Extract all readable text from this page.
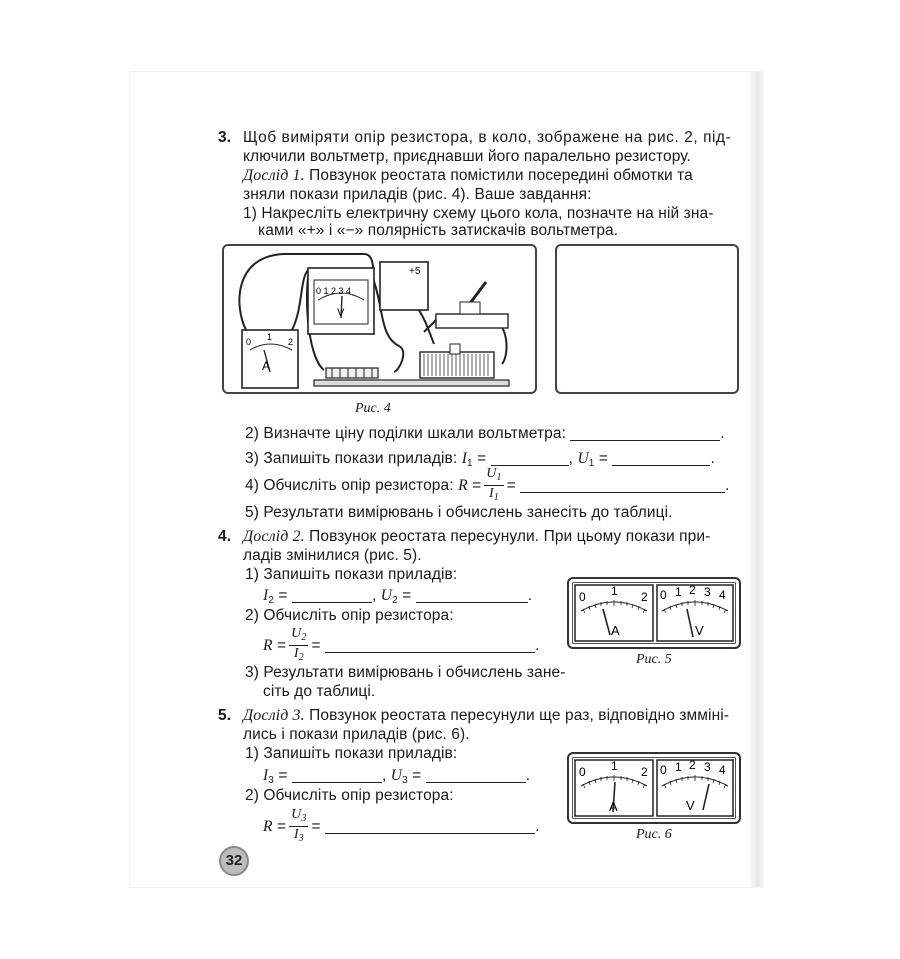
3. Щоб виміряти опір резистора, в коло, зображене на рис. 2, під-
ключили вольтметр, приєднавши його паралельно резистору.
Дослід 1. Повзунок реостата помістили посередині обмотки та
зняли покази приладів (рис. 4). Ваше завдання:
1) Накресліть електричну схему цього кола, позначте на ній зна-
ками «+» і «−» полярність затискачів вольтметра.
0 1 2
A
0 1 2 3 4
V
+5
Рис. 4
2) Визначте ціну поділки шкали вольтметра:	.
3) Запишіть покази приладів: $I_1$ =	, $U_1$ =	.
4) Обчисліть опір резистора: $R = \frac{U_1}{I_1}$ =	.
5) Результати вимірювань і обчислень занесіть до таблиці.
4. Дослід 2. Повзунок реостата пересунули. При цьому покази при-
ладів змінилися (рис. 5).
1) Запишіть покази приладів:
$I_2$ =	, $U_2$ =	.
2) Обчисліть опір резистора:
$R = \frac{U_2}{I_2}$ =	.
3) Результати вимірювань і обчислень зане-
сіть до таблиці.
0 1 2
A
0 1 2 3 4
V
Рис. 5
5. Дослід 3. Повзунок реостата пересунули ще раз, відповідно змміні-
лись і покази приладів (рис. 6).
1) Запишіть покази приладів:
$I_3$ =	, $U_3$ =	.
2) Обчисліть опір резистора:
$R = \frac{U_3}{I_3}$ =	.
0 1 2
A
0 1 2 3 4
V
Рис. 6
32
